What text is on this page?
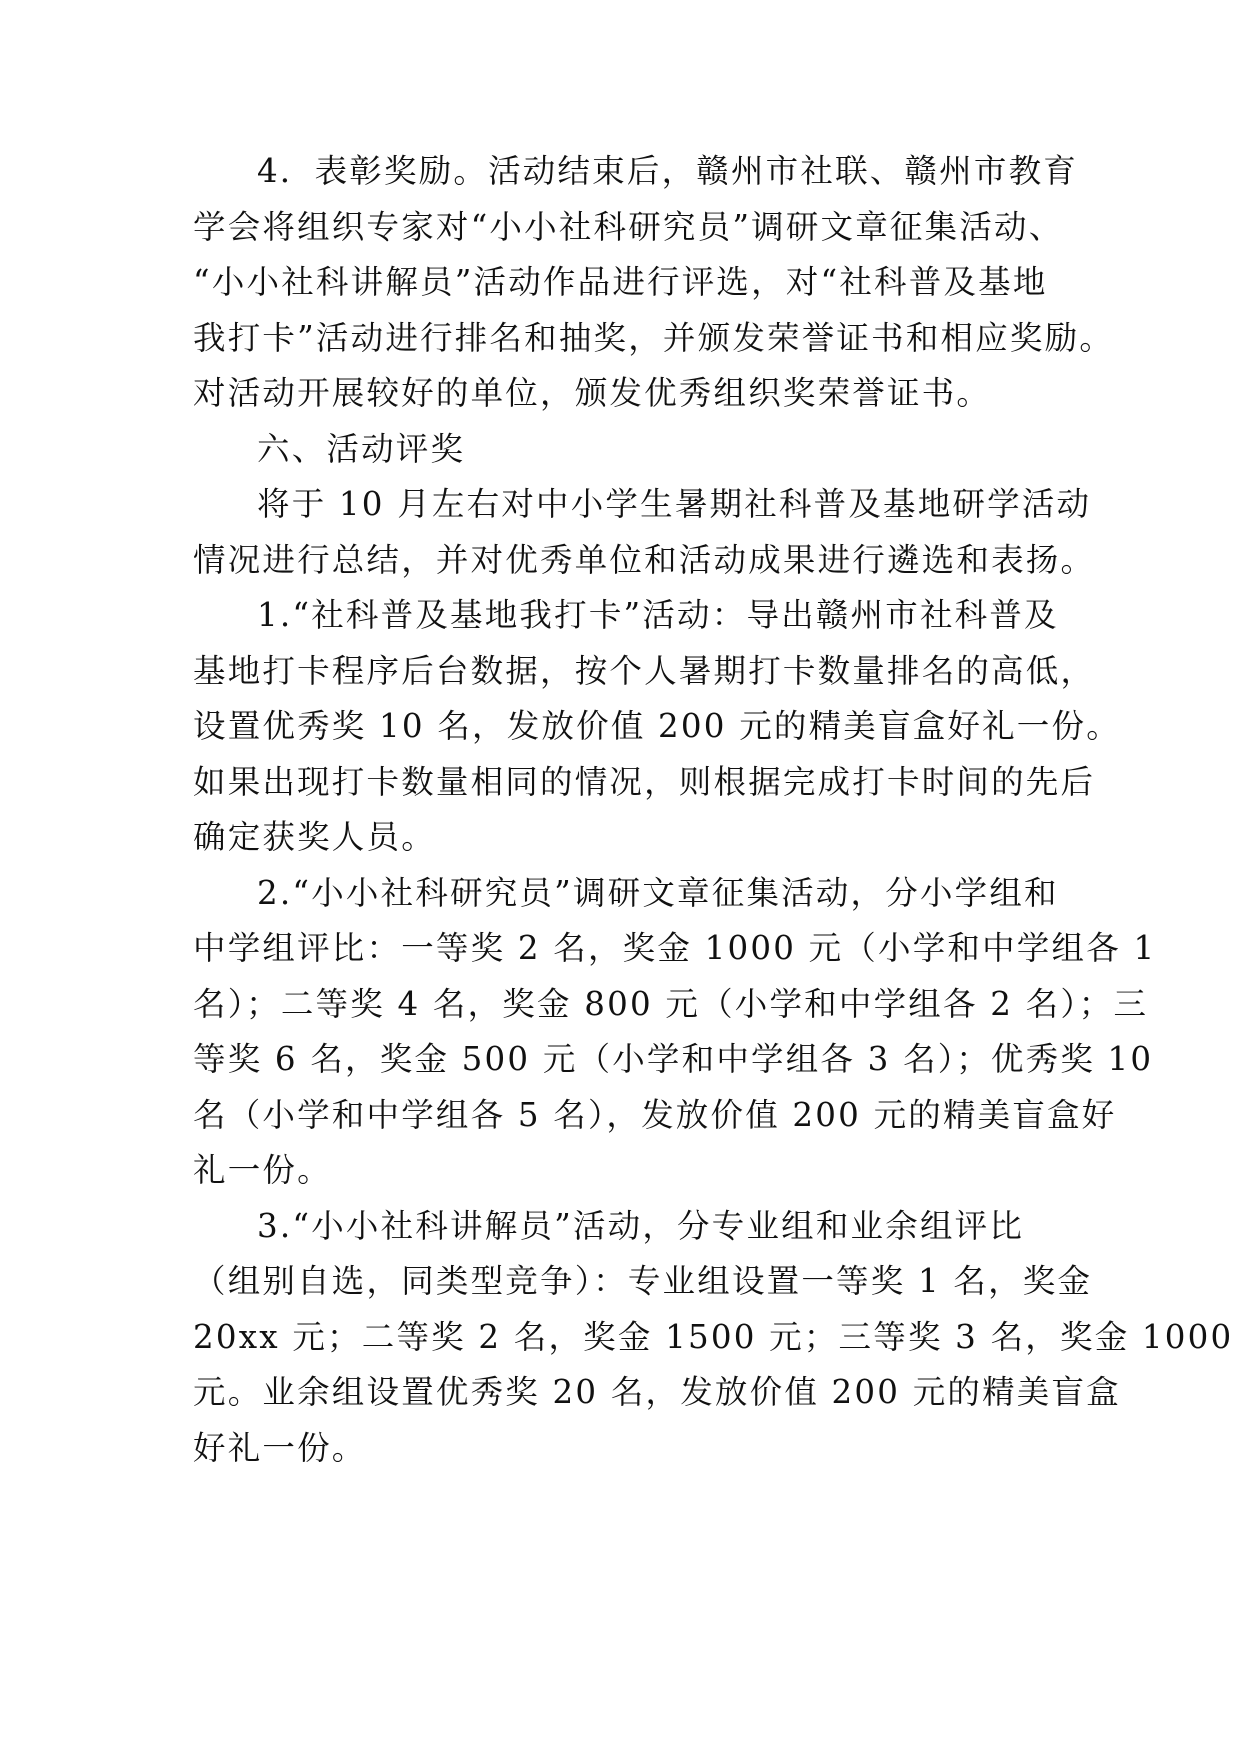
4．表彰奖励。活动结束后，赣州市社联、赣州市教育
学会将组织专家对“小小社科研究员”调研文章征集活动、
“小小社科讲解员”活动作品进行评选，对“社科普及基地
我打卡”活动进行排名和抽奖，并颁发荣誉证书和相应奖励。
对活动开展较好的单位，颁发优秀组织奖荣誉证书。
六、活动评奖
将于 10 月左右对中小学生暑期社科普及基地研学活动
情况进行总结，并对优秀单位和活动成果进行遴选和表扬。
1.“社科普及基地我打卡”活动：导出赣州市社科普及
基地打卡程序后台数据，按个人暑期打卡数量排名的高低，
设置优秀奖 10 名，发放价值 200 元的精美盲盒好礼一份。
如果出现打卡数量相同的情况，则根据完成打卡时间的先后
确定获奖人员。
2.“小小社科研究员”调研文章征集活动，分小学组和
中学组评比：一等奖 2 名，奖金 1000 元（小学和中学组各 1
名）；二等奖 4 名，奖金 800 元（小学和中学组各 2 名）；三
等奖 6 名，奖金 500 元（小学和中学组各 3 名）；优秀奖 10
名（小学和中学组各 5 名），发放价值 200 元的精美盲盒好
礼一份。
3.“小小社科讲解员”活动，分专业组和业余组评比
（组别自选，同类型竞争）：专业组设置一等奖 1 名，奖金
20xx 元；二等奖 2 名，奖金 1500 元；三等奖 3 名，奖金 1000
元。业余组设置优秀奖 20 名，发放价值 200 元的精美盲盒
好礼一份。
